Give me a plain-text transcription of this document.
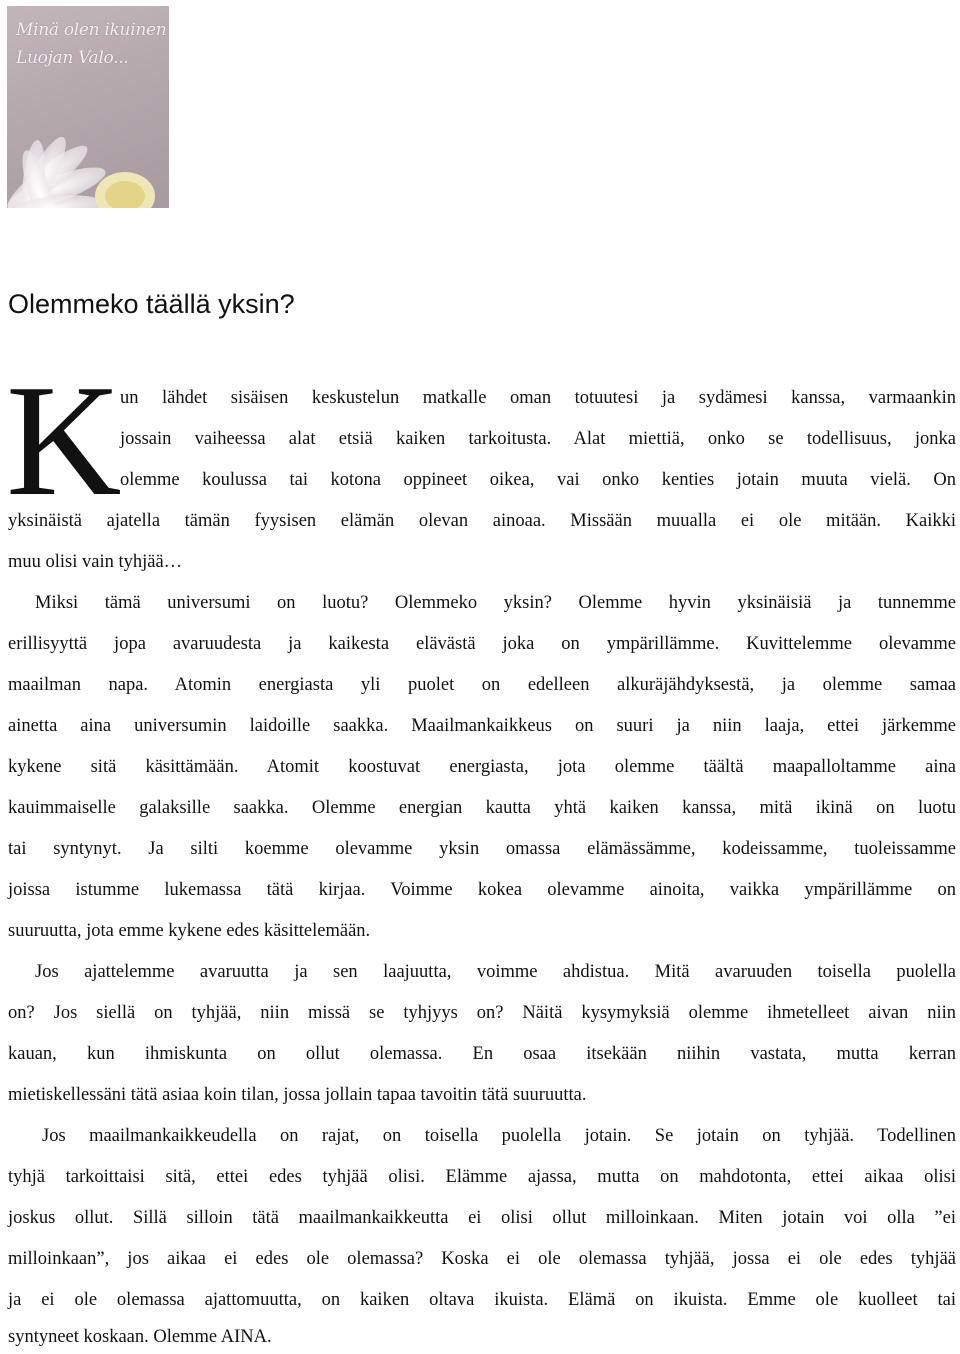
Minä olen ikuinen
Luojan Valo...
Olemmeko täällä yksin?
K
un lähdet sisäisen keskustelun matkalle oman totuutesi ja sydämesi kanssa, varmaankin
jossain vaiheessa alat etsiä kaiken tarkoitusta. Alat miettiä, onko se todellisuus, jonka
olemme koulussa tai kotona oppineet oikea, vai onko kenties jotain muuta vielä. On
yksinäistä ajatella tämän fyysisen elämän olevan ainoaa. Missään muualla ei ole mitään. Kaikki
muu olisi vain tyhjää…
Miksi tämä universumi on luotu? Olemmeko yksin? Olemme hyvin yksinäisiä ja tunnemme
erillisyyttä jopa avaruudesta ja kaikesta elävästä joka on ympärillämme. Kuvittelemme olevamme
maailman napa. Atomin energiasta yli puolet on edelleen alkuräjähdyksestä, ja olemme samaa
ainetta aina universumin laidoille saakka. Maailmankaikkeus on suuri ja niin laaja, ettei järkemme
kykene sitä käsittämään. Atomit koostuvat energiasta, jota olemme täältä maapalloltamme aina
kauimmaiselle galaksille saakka. Olemme energian kautta yhtä kaiken kanssa, mitä ikinä on luotu
tai syntynyt. Ja silti koemme olevamme yksin omassa elämässämme, kodeissamme, tuoleissamme
joissa istumme lukemassa tätä kirjaa. Voimme kokea olevamme ainoita, vaikka ympärillämme on
suuruutta, jota emme kykene edes käsittelemään.
Jos ajattelemme avaruutta ja sen laajuutta, voimme ahdistua. Mitä avaruuden toisella puolella
on? Jos siellä on tyhjää, niin missä se tyhjyys on? Näitä kysymyksiä olemme ihmetelleet aivan niin
kauan, kun ihmiskunta on ollut olemassa. En osaa itsekään niihin vastata, mutta kerran
mietiskellessäni tätä asiaa koin tilan, jossa jollain tapaa tavoitin tätä suuruutta.
Jos maailmankaikkeudella on rajat, on toisella puolella jotain. Se jotain on tyhjää. Todellinen
tyhjä tarkoittaisi sitä, ettei edes tyhjää olisi. Elämme ajassa, mutta on mahdotonta, ettei aikaa olisi
joskus ollut. Sillä silloin tätä maailmankaikkeutta ei olisi ollut milloinkaan. Miten jotain voi olla ”ei
milloinkaan”, jos aikaa ei edes ole olemassa? Koska ei ole olemassa tyhjää, jossa ei ole edes tyhjää
ja ei ole olemassa ajattomuutta, on kaiken oltava ikuista. Elämä on ikuista. Emme ole kuolleet tai
syntyneet koskaan. Olemme AINA.
